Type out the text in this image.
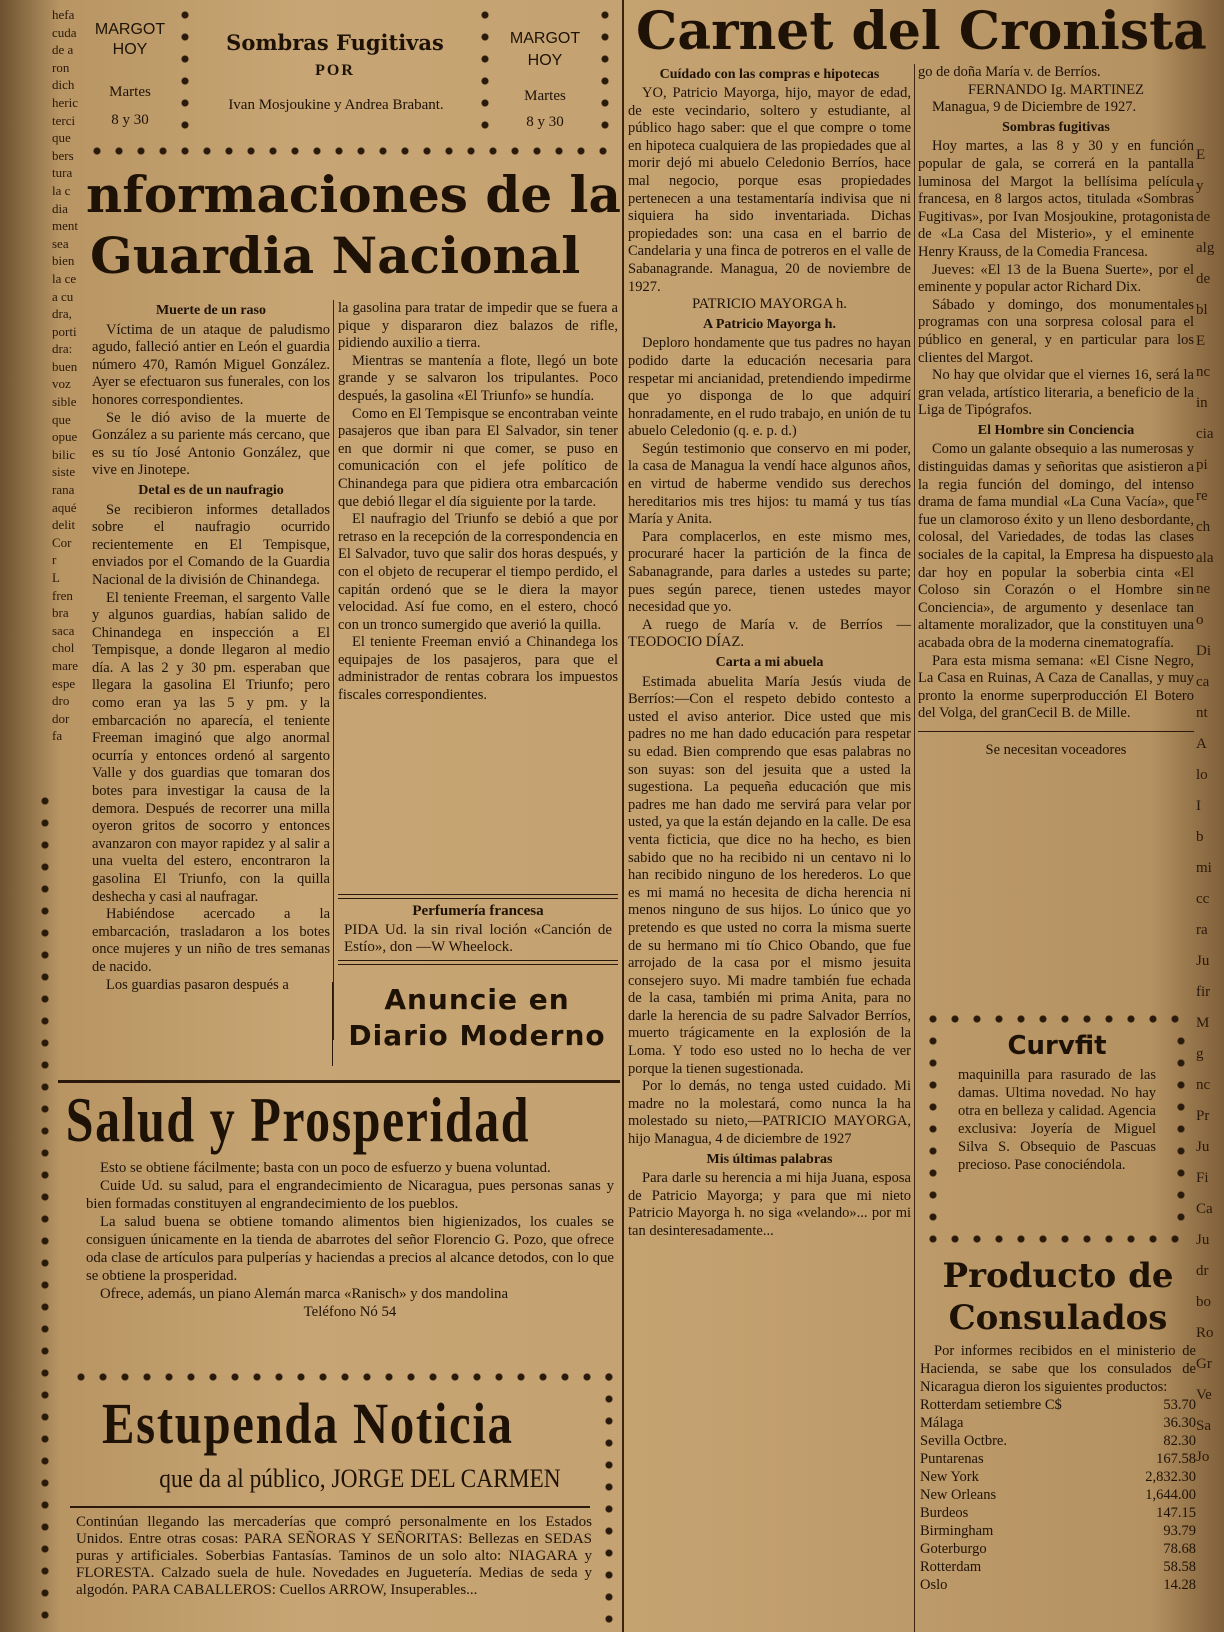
hefa
cuda
de a
ron
dich
heric
terci
que
bers
tura
la c
dia
ment
sea
bien
la ce
a cu
dra,
porti
dra:
buen
voz
sible
que
opue
bilic
siste
rana
aqué
delit
Cor
r
L
fren
bra
saca
chol
mare
espe
dro
dor
fa
MARGOT
HOY
Martes
8 y 30
Sombras Fugitivas
POR
Ivan Mosjoukine y Andrea Brabant.
MARGOT
HOY
Martes
8 y 30
nformaciones de la
Guardia Nacional
Muerte de un raso

Víctima de un ataque de paludismo agudo, falleció antier en León el guardia número 470, Ramón Miguel González. Ayer se efectuaron sus funerales, con los honores correspondientes.

Se le dió aviso de la muerte de González a su pariente más cercano, que es su tío José Antonio González, que vive en Jinotepe.

Detal es de un naufragio

Se recibieron informes detallados sobre el naufragio ocurrido recientemente en El Tempisque, enviados por el Comando de la Guardia Nacional de la división de Chinandega.

El teniente Freeman, el sargento Valle y algunos guardias, habían salido de Chinandega en inspección a El Tempisque, a donde llegaron al medio día. A las 2 y 30 pm. esperaban que llegara la gasolina El Triunfo; pero como eran ya las 5 y pm. y la embarcación no aparecía, el teniente Freeman imaginó que algo anormal ocurría y entonces ordenó al sargento Valle y dos guardias que tomaran dos botes para investigar la causa de la demora. Después de recorrer una milla oyeron gritos de socorro y entonces avanzaron con mayor rapidez y al salir a una vuelta del estero, encontraron la gasolina El Triunfo, con la quilla deshecha y casi al naufragar.

Habiéndose acercado a la embarcación, trasladaron a los botes once mujeres y un niño de tres semanas de nacido.

Los guardias pasaron después a

la gasolina para tratar de impedir que se fuera a pique y dispararon diez balazos de rifle, pidiendo auxilio a tierra.

Mientras se mantenía a flote, llegó un bote grande y se salvaron los tripulantes. Poco después, la gasolina «El Triunfo» se hundía.

Como en El Tempisque se encontraban veinte pasajeros que iban para El Salvador, sin tener en que dormir ni que comer, se puso en comunicación con el jefe político de Chinandega para que pidiera otra embarcación que debió llegar el día siguiente por la tarde.

El naufragio del Triunfo se debió a que por retraso en la recepción de la correspondencia en El Salvador, tuvo que salir dos horas después, y con el objeto de recuperar el tiempo perdido, el capitán ordenó que se le diera la mayor velocidad. Así fue como, en el estero, chocó con un tronco sumergido que averió la quilla.

El teniente Freeman envió a Chinandega los equipajes de los pasajeros, para que el administrador de rentas cobrara los impuestos fiscales correspondientes.

Perfumería francesa
PIDA Ud. la sin rival loción «Canción de Estío», don —W Wheelock.
Anuncie en
Diario Moderno
Salud y Prosperidad

Esto se obtiene fácilmente; basta con un poco de esfuerzo y buena voluntad.

Cuide Ud. su salud, para el engrandecimiento de Nicaragua, pues personas sanas y bien formadas constituyen al engrandecimiento de los pueblos.

La salud buena se obtiene tomando alimentos bien higienizados, los cuales se consiguen únicamente en la tienda de abarrotes del señor Florencio G. Pozo, que ofrece oda clase de artículos para pulperías y haciendas a precios al alcance detodos, con lo que se obtiene la prosperidad.

Ofrece, además, un piano Alemán marca «Ranisch» y dos mandolina

Teléfono Nó 54
Estupenda Noticia
que da al público, JORGE DEL CARMEN
Continúan llegando las mercaderías que compró personalmente en los Estados Unidos. Entre otras cosas: PARA SEÑORAS Y SEÑORITAS: Bellezas en SEDAS puras y artificiales. Soberbias Fantasías. Taminos de un solo alto: NIAGARA y FLORESTA. Calzado suela de hule. Novedades en Juguetería. Medias de seda y algodón. PARA CABALLEROS: Cuellos ARROW, Insuperables...
Carnet del Cronista
Cuídado con las compras e hipotecas

YO, Patricio Mayorga, hijo, mayor de edad, de este vecindario, soltero y estudiante, al público hago saber: que el que compre o tome en hipoteca cualquiera de las propiedades que al morir dejó mi abuelo Celedonio Berríos, hace mal negocio, porque esas propiedades pertenecen a una testamentaría indivisa que ni siquiera ha sido inventariada. Dichas propiedades son: una casa en el barrio de Candelaria y una finca de potreros en el valle de Sabanagrande. Managua, 20 de noviembre de 1927.

PATRICIO MAYORGA h.
A Patricio Mayorga h.

Deploro hondamente que tus padres no hayan podido darte la educación necesaria para respetar mi ancianidad, pretendiendo impedirme que yo disponga de lo que adquirí honradamente, en el rudo trabajo, en unión de tu abuelo Celedonio (q. e. p. d.)

Según testimonio que conservo en mi poder, la casa de Managua la vendí hace algunos años, en virtud de haberme vendido sus derechos hereditarios mis tres hijos: tu mamá y tus tías María y Anita.

Para complacerlos, en este mismo mes, procuraré hacer la partición de la finca de Sabanagrande, para darles a ustedes su parte; pues según parece, tienen ustedes mayor necesidad que yo.

A ruego de María v. de Berríos —TEODOCIO DÍAZ.

Carta a mi abuela

Estimada abuelita María Jesús viuda de Berríos:—Con el respeto debido contesto a usted el aviso anterior. Dice usted que mis padres no me han dado educación para respetar su edad. Bien comprendo que esas palabras no son suyas: son del jesuita que a usted la sugestiona. La pequeña educación que mis padres me han dado me servirá para velar por usted, ya que la están dejando en la calle. De esa venta ficticia, que dice no ha hecho, es bien sabido que no ha recibido ni un centavo ni lo han recibido ninguno de los herederos. Lo que es mi mamá no hecesita de dicha herencia ni menos ninguno de sus hijos. Lo único que yo pretendo es que usted no corra la misma suerte de su hermano mi tío Chico Obando, que fue arrojado de la casa por el mismo jesuita consejero suyo. Mi madre también fue echada de la casa, también mi prima Anita, para no darle la herencia de su padre Salvador Berríos, muerto trágicamente en la explosión de la Loma. Y todo eso usted no lo hecha de ver porque la tienen sugestionada.

Por lo demás, no tenga usted cuidado. Mi madre no la molestará, como nunca la ha molestado su nieto,—PATRICIO MAYORGA, hijo Managua, 4 de diciembre de 1927

Mis últimas palabras

Para darle su herencia a mi hija Juana, esposa de Patricio Mayorga; y para que mi nieto Patricio Mayorga h. no siga «velando»... por mi tan desinteresadamente...

go de doña María v. de Berríos.
FERNANDO Ig. MARTINEZ
Managua, 9 de Diciembre de 1927.
Sombras fugitivas

Hoy martes, a las 8 y 30 y en función popular de gala, se correrá en la pantalla luminosa del Margot la bellísima película francesa, en 8 largos actos, titulada «Sombras Fugitivas», por Ivan Mosjoukine, protagonista de «La Casa del Misterio», y el eminente Henry Krauss, de la Comedia Francesa.

Jueves: «El 13 de la Buena Suerte», por el eminente y popular actor Richard Dix.

Sábado y domingo, dos monumentales programas con una sorpresa colosal para el público en general, y en particular para los clientes del Margot.

No hay que olvidar que el viernes 16, será la gran velada, artístico literaria, a beneficio de la Liga de Tipógrafos.

El Hombre sin Conciencia

Como un galante obsequio a las numerosas y distinguidas damas y señoritas que asistieron a la regia función del domingo, del intenso drama de fama mundial «La Cuna Vacía», que fue un clamoroso éxito y un lleno desbordante, colosal, del Variedades, de todas las clases sociales de la capital, la Empresa ha dispuesto dar hoy en popular la soberbia cinta «El Coloso sin Corazón o el Hombre sin Conciencia», de argumento y desenlace tan altamente moralizador, que la constituyen una acabada obra de la moderna cinematografía.

Para esta misma semana: «El Cisne Negro, La Casa en Ruinas, A Caza de Canallas, y muy pronto la enorme superproducción El Botero del Volga, del granCecil B. de Mille.

Se necesitan voceadores
Curvfit
maquinilla para rasurado de las damas. Ultima novedad. No hay otra en belleza y calidad. Agencia exclusiva: Joyería de Miguel Silva S. Obsequio de Pascuas precioso. Pase conociéndola.
Producto de
Consulados
Por informes recibidos en el ministerio de Hacienda, se sabe que los consulados de Nicaragua dieron los siguientes productos:
Rotterdam setiembre C$	53.70
Málaga	36.30
Sevilla Octbre.	82.30
Puntarenas	167.58
New York	2,832.30
New Orleans	1,644.00
Burdeos	147.15
Birmingham	93.79
Goterburgo	78.68
Rotterdam	58.58
Oslo	14.28
E
y
de
alg
de
bl
E
nc
in
cia
pi
re
ch
ala
ne
o
Di
ca
nt
A
lo
I
b
mi
cc
ra
Ju
fir
M
g
nc
Pr
Ju
Fi
Ca
Ju
dr
bo
Ro
Gr
Ve
Sa
Jo
